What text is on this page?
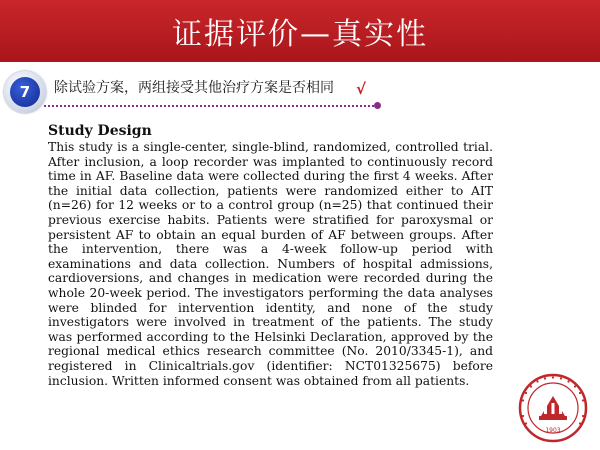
证据评价—真实性
7	除试验方案，两组接受其他治疗方案是否相同 √

Study Design

This study is a single-center, single-blind, randomized, controlled trial. After inclusion, a loop recorder was implanted to continuously record time in AF. Baseline data were collected during the first 4 weeks. After the initial data collection, patients were randomized either to AIT (n=26) for 12 weeks or to a control group (n=25) that continued their previous exercise habits. Patients were stratified for paroxysmal or persistent AF to obtain an equal burden of AF between groups. After the intervention, there was a 4-week follow-up period with examinations and data collection. Numbers of hospital admissions, cardioversions, and changes in medication were recorded during the whole 20-week period. The investigators performing the data analyses were blinded for intervention identity, and none of the study investigators were involved in treatment of the patients. The study was performed according to the Helsinki Declaration, approved by the regional medical ethics research committee (No. 2010/3345-1), and registered in Clinicaltrials.gov (identifier: NCT01325675) before inclusion. Written informed consent was obtained from all patients.

1903
